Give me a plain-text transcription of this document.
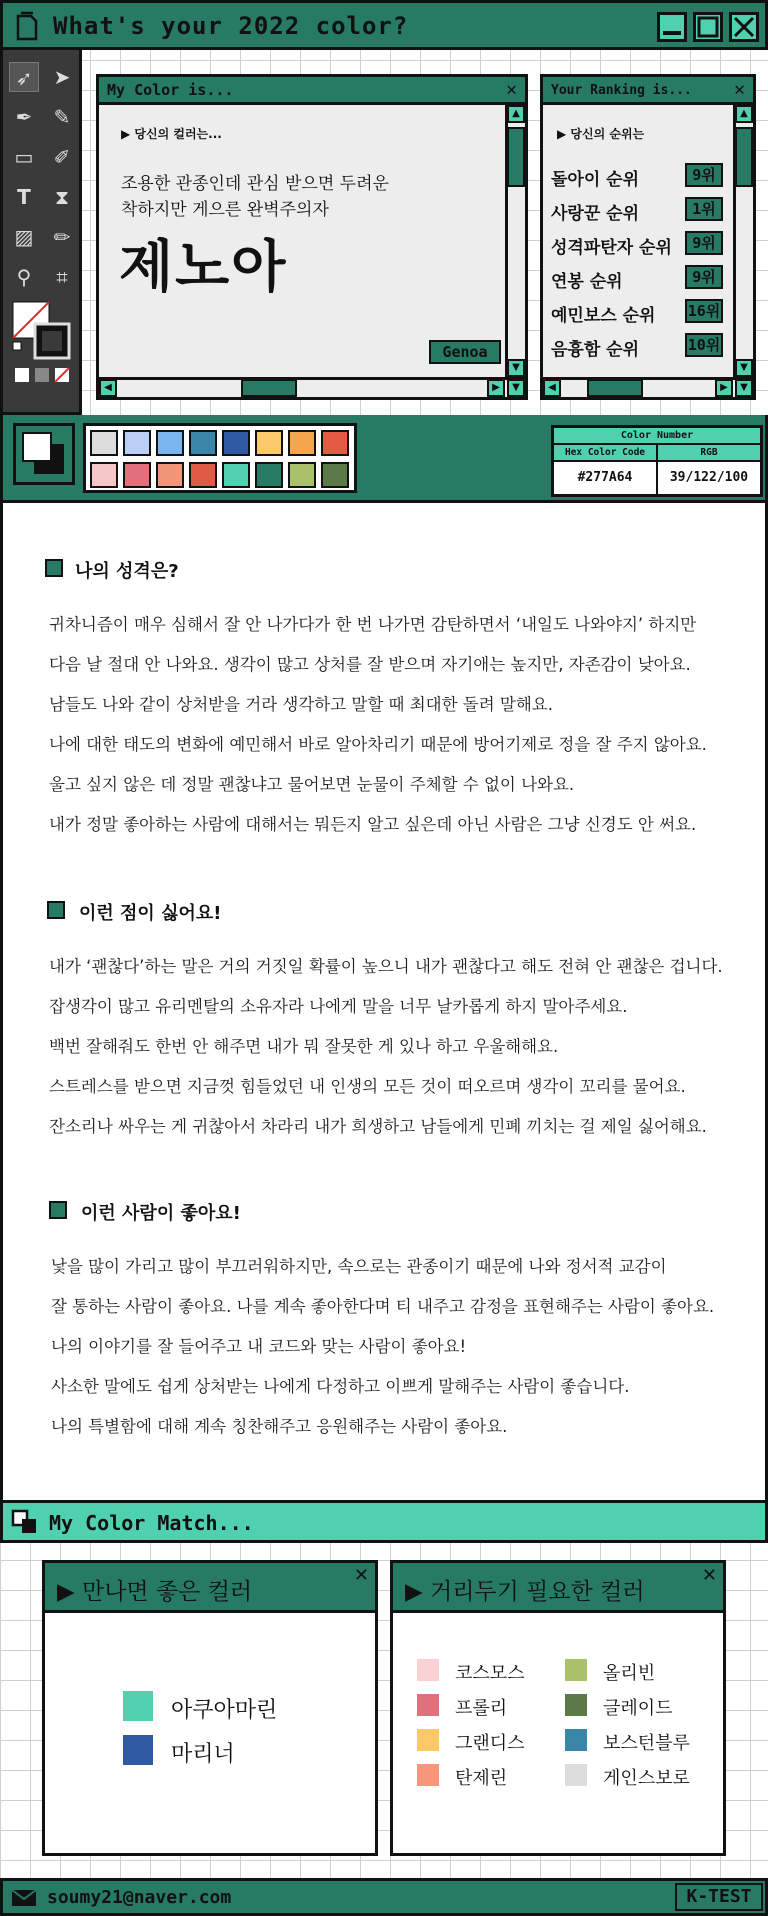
What's your 2022 color?
➶	➤
✒	✎
▭	✐
T	⧗
▨	✏
⚲	⌗
My Color is...	✕
▶ 당신의 컬러는...
조용한 관종인데 관심 받으면 두려운
착하지만 게으른 완벽주의자
제노아
Genoa
▲
▼
◀	▶	▼
Your Ranking is... ✕
▶ 당신의 순위는
돌아이 순위	9위
사랑꾼 순위	1위
성격파탄자 순위	9위
연봉 순위	9위
예민보스 순위 16위
음흉함 순위	10위
▲
▼
◀	▶	▼
Color Number
Hex Color Code	RGB
#277A64	39/122/100
나의 성격은?
귀차니즘이 매우 심해서 잘 안 나가다가 한 번 나가면 감탄하면서 ‘내일도 나와야지’ 하지만
다음 날 절대 안 나와요. 생각이 많고 상처를 잘 받으며 자기애는 높지만, 자존감이 낮아요.
남들도 나와 같이 상처받을 거라 생각하고 말할 때 최대한 돌려 말해요.
나에 대한 태도의 변화에 예민해서 바로 알아차리기 때문에 방어기제로 정을 잘 주지 않아요.
울고 싶지 않은 데 정말 괜찮냐고 물어보면 눈물이 주체할 수 없이 나와요.
내가 정말 좋아하는 사람에 대해서는 뭐든지 알고 싶은데 아닌 사람은 그냥 신경도 안 써요.
이런 점이 싫어요!
내가 ‘괜찮다’하는 말은 거의 거짓일 확률이 높으니 내가 괜찮다고 해도 전혀 안 괜찮은 겁니다.
잡생각이 많고 유리멘탈의 소유자라 나에게 말을 너무 날카롭게 하지 말아주세요.
백번 잘해줘도 한번 안 해주면 내가 뭐 잘못한 게 있나 하고 우울해해요.
스트레스를 받으면 지금껏 힘들었던 내 인생의 모든 것이 떠오르며 생각이 꼬리를 물어요.
잔소리나 싸우는 게 귀찮아서 차라리 내가 희생하고 남들에게 민폐 끼치는 걸 제일 싫어해요.
이런 사람이 좋아요!
낯을 많이 가리고 많이 부끄러워하지만, 속으로는 관종이기 때문에 나와 정서적 교감이
잘 통하는 사람이 좋아요. 나를 계속 좋아한다며 티 내주고 감정을 표현해주는 사람이 좋아요.
나의 이야기를 잘 들어주고 내 코드와 맞는 사람이 좋아요!
사소한 말에도 쉽게 상처받는 나에게 다정하고 이쁘게 말해주는 사람이 좋습니다.
나의 특별함에 대해 계속 칭찬해주고 응원해주는 사람이 좋아요.
My Color Match...
▶ 만나면 좋은 컬러
✕
아쿠아마린
마리너
▶ 거리두기 필요한 컬러
✕
코스모스	올리빈
프롤리	글레이드
그랜디스	보스턴블루
탄제린	게인스보로
soumy21@naver.com	K-TEST
